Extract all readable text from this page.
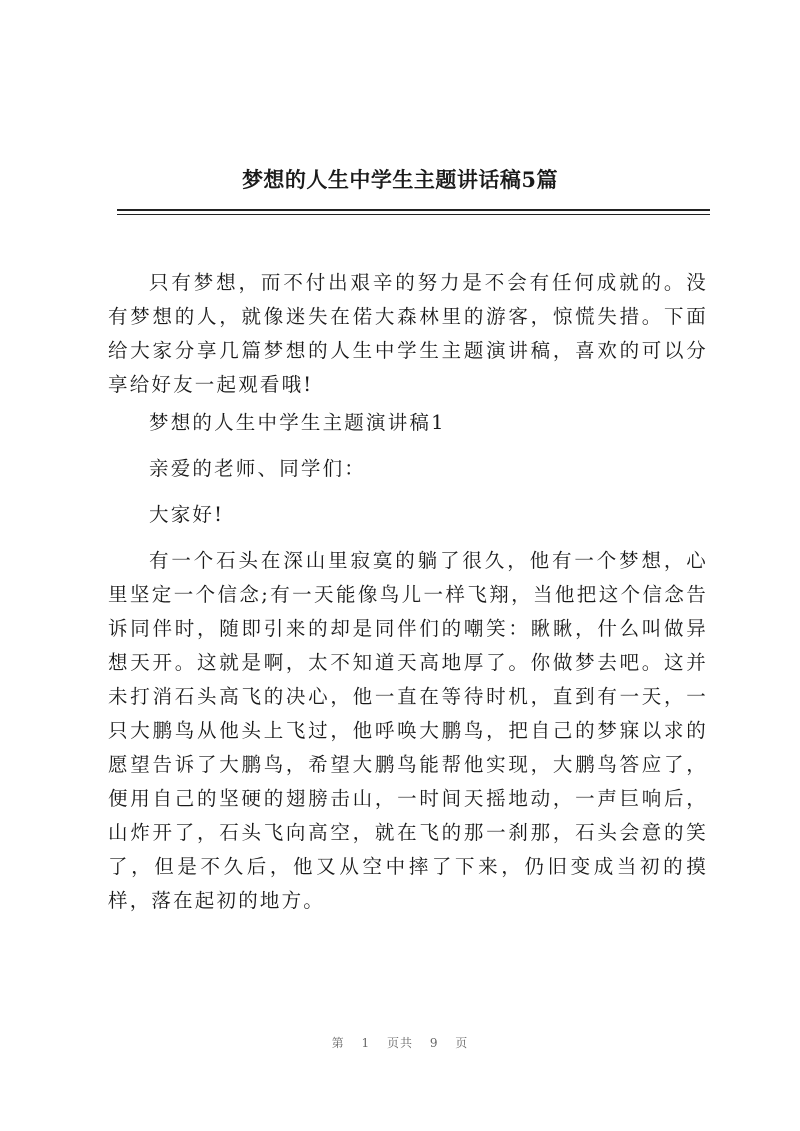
梦想的人生中学生主题讲话稿5篇

只有梦想，而不付出艰辛的努力是不会有任何成就的。没有梦想的人，就像迷失在偌大森林里的游客，惊慌失措。下面给大家分享几篇梦想的人生中学生主题演讲稿，喜欢的可以分享给好友一起观看哦!

梦想的人生中学生主题演讲稿1

亲爱的老师、同学们：

大家好!

有一个石头在深山里寂寞的躺了很久，他有一个梦想，心里坚定一个信念;有一天能像鸟儿一样飞翔，当他把这个信念告诉同伴时，随即引来的却是同伴们的嘲笑：瞅瞅，什么叫做异想天开。这就是啊，太不知道天高地厚了。你做梦去吧。这并未打消石头高飞的决心，他一直在等待时机，直到有一天，一只大鹏鸟从他头上飞过，他呼唤大鹏鸟，把自己的梦寐以求的愿望告诉了大鹏鸟，希望大鹏鸟能帮他实现，大鹏鸟答应了，便用自己的坚硬的翅膀击山，一时间天摇地动，一声巨响后，山炸开了，石头飞向高空，就在飞的那一刹那，石头会意的笑了，但是不久后，他又从空中摔了下来，仍旧变成当初的摸样，落在起初的地方。

第 1 页共 9 页
